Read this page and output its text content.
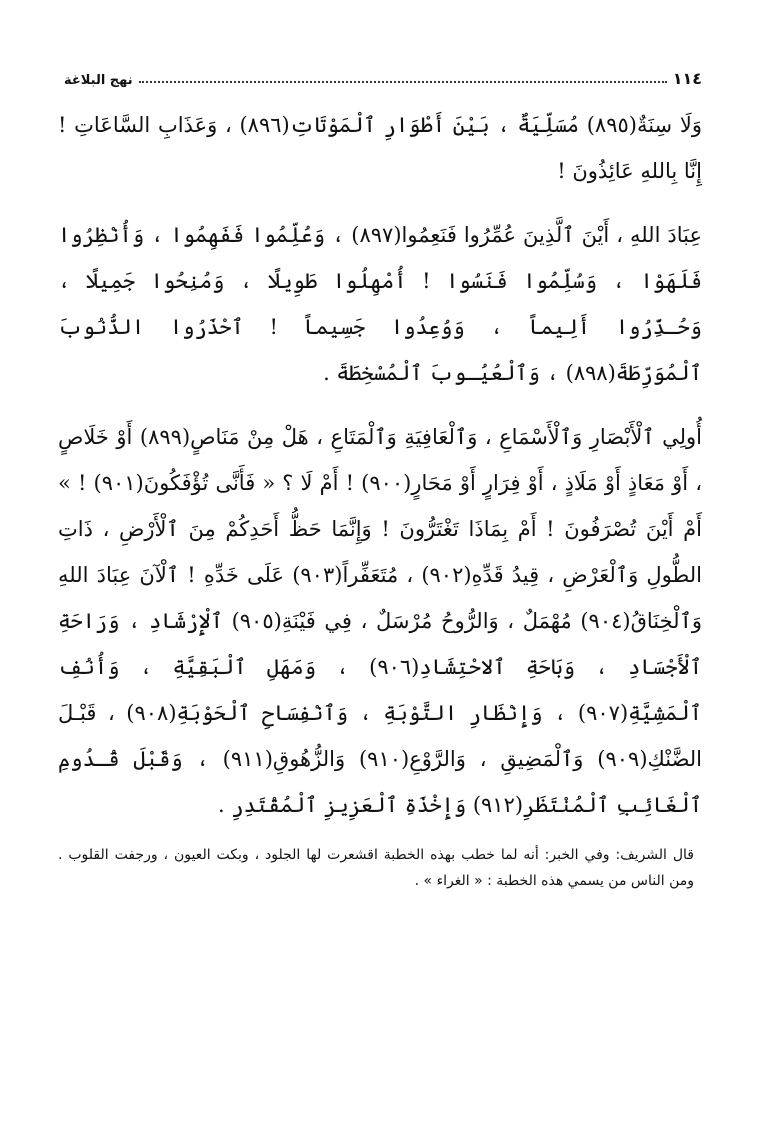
١١٤
نهج البلاغة

وَلَا سِنَةٌ(٨٩٥) مُسَلِّيَةٌ ، بَيْنَ أَطْوَارِ ٱلْمَوْتَاتِ(٨٩٦) ، وَعَذَابِ السَّاعَاتِ ! إِنَّا بِاللهِ عَائِذُونَ !

عِبَادَ اللهِ ، أَيْنَ ٱلَّذِينَ عُمِّرُوا فَنَعِمُوا(٨٩٧) ، وَعُلِّمُوا فَفَهِمُوا ، وَأُنْظِرُوا فَلَهَوْا ، وَسُلِّمُوا فَنَسُوا ! أُمْهِلُوا طَوِيلًا ، وَمُنِحُوا جَمِيلًا ، وَحُـذِّرُوا أَلِيماً ، وَوُعِدُوا جَسِيماً ! ٱحْذَرُوا الذُّنُوبَ ٱلْمُوَرِّطَةَ(٨٩٨) ، وَٱلْعُيُـوبَ ٱلْمُسْخِطَةَ .

أُولِي ٱلْأَبْصَارِ وَٱلْأَسْمَاعِ ، وَٱلْعَافِيَةِ وَٱلْمَتَاعِ ، هَلْ مِنْ مَنَاصٍ(٨٩٩) أَوْ خَلَاصٍ ، أَوْ مَعَاذٍ أَوْ مَلَاذٍ ، أَوْ فِرَارٍ أَوْ مَحَارٍ(٩٠٠) ! أَمْ لَا ؟ « فَأَنَّى تُؤْفَكُونَ(٩٠١) ! » أَمْ أَيْنَ تُصْرَفُونَ ! أَمْ بِمَاذَا تَغْتَرُّونَ ! وَإِنَّمَا حَظُّ أَحَدِكُمْ مِنَ ٱلْأَرْضِ ، ذَاتِ الطُّولِ وَٱلْعَرْضِ ، قِيدُ قَدِّهِ(٩٠٢) ، مُتَعَفِّراً(٩٠٣) عَلَى خَدِّهِ ! ٱلْآنَ عِبَادَ اللهِ وَٱلْخِنَاقُ(٩٠٤) مُهْمَلٌ ، وَالرُّوحُ مُرْسَلٌ ، فِي فَيْنَةِ(٩٠٥) ٱلْإِرْشَادِ ، وَرَاحَةِ ٱلْأَجْسَادِ ، وَبَاحَةِ ٱلاحْتِشَادِ(٩٠٦) ، وَمَهَلِ ٱلْبَقِيَّةِ ، وَأُنُفِ ٱلْمَشِيَّةِ(٩٠٧) ، وَإِنْظَارِ التَّوْبَةِ ، وَٱنْفِسَاحِ ٱلْحَوْبَةِ(٩٠٨) ، قَبْـلَ الضَّنْكِ(٩٠٩) وَٱلْمَضِيقِ ، وَالرَّوْعِ(٩١٠) وَالزُّهُوقِ(٩١١) ، وَقَبْلَ قُـدُومِ ٱلْغَائِبِ ٱلْمُنْتَظَرِ(٩١٢) وَإِخْذَةِ ٱلْعَزِيزِ ٱلْمُقْتَدِرِ .

قال الشريف: وفي الخبر: أنه لما خطب بهذه الخطبة اقشعرت لها الجلود ، وبكت العيون ، ورجفت القلوب . ومن الناس من يسمي هذه الخطبة : « الغراء » .
